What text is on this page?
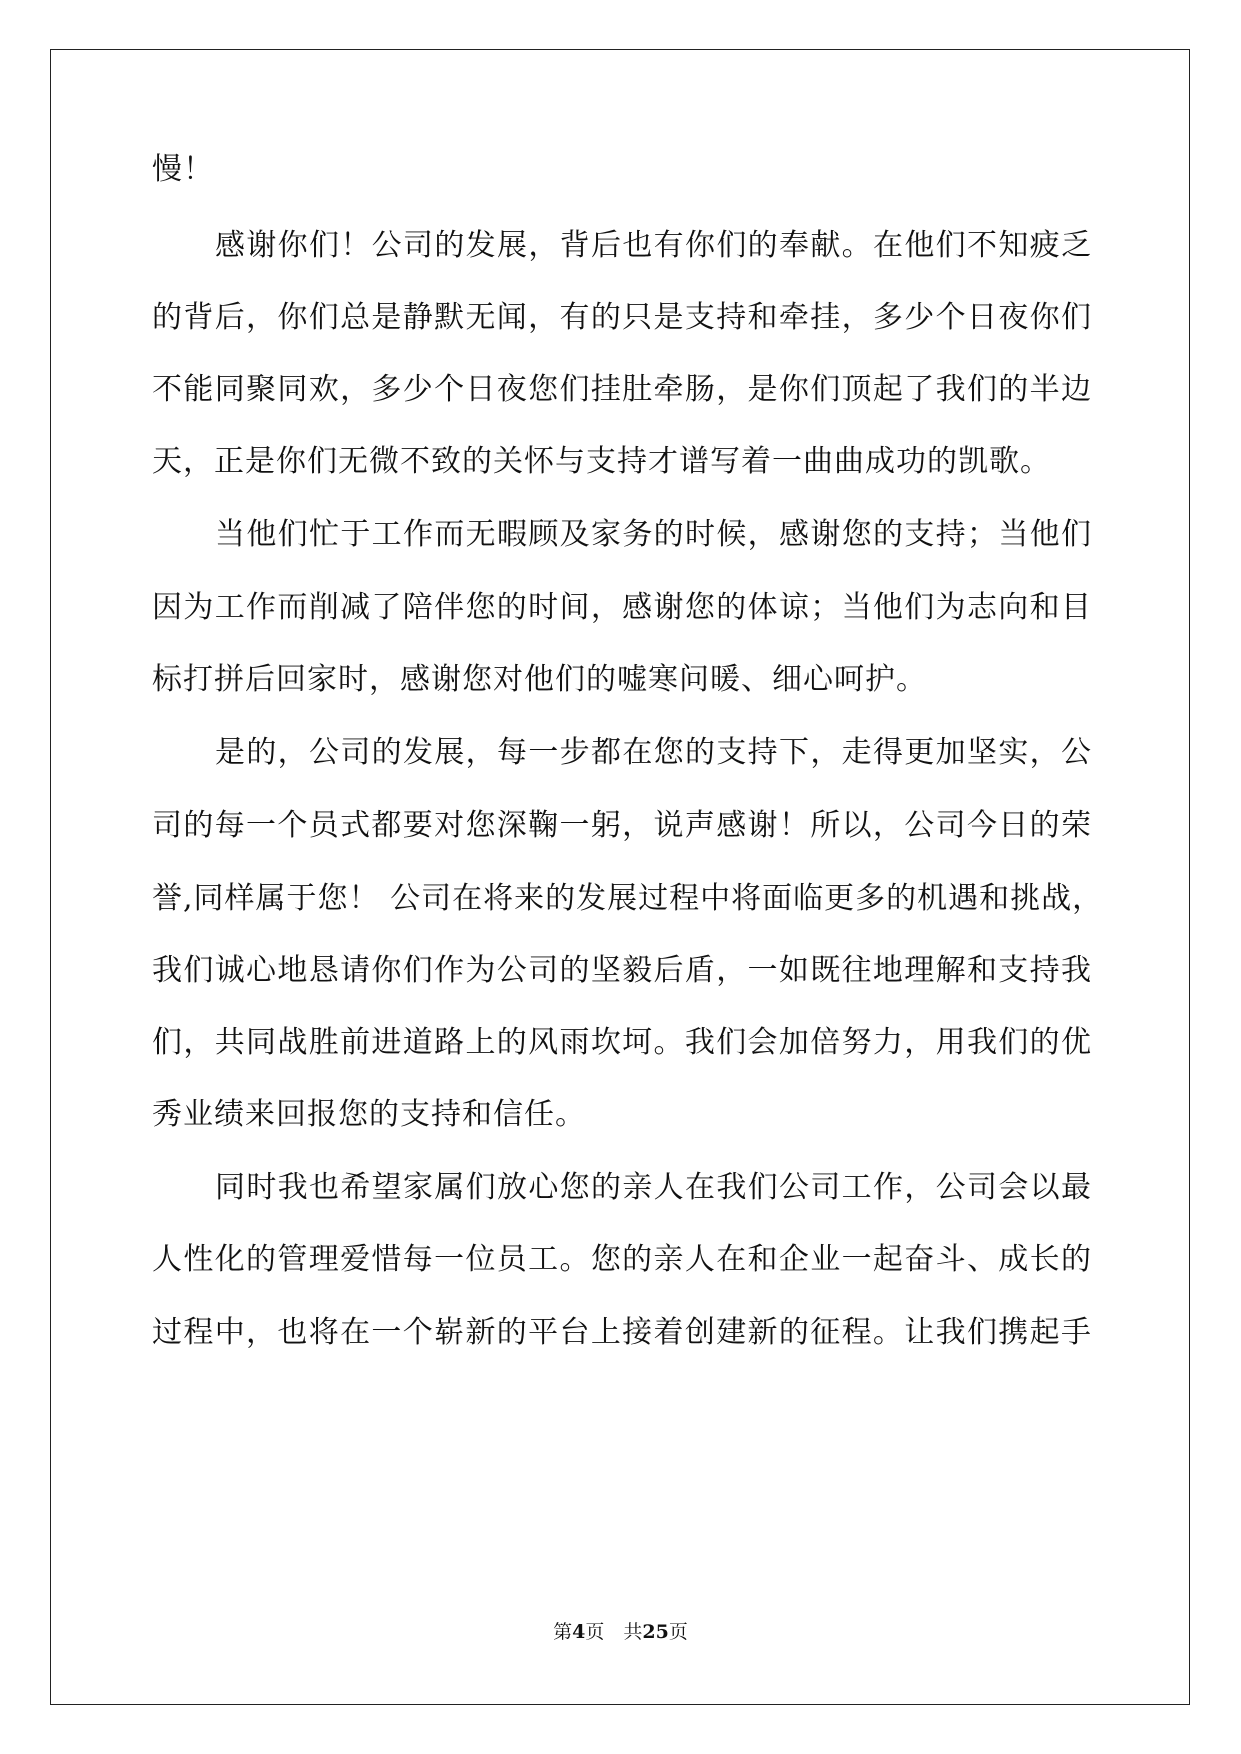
慢！
感谢你们！公司的发展，背后也有你们的奉献。在他们不知疲乏
的背后，你们总是静默无闻，有的只是支持和牵挂，多少个日夜你们
不能同聚同欢，多少个日夜您们挂肚牵肠，是你们顶起了我们的半边
天，正是你们无微不致的关怀与支持才谱写着一曲曲成功的凯歌。
当他们忙于工作而无暇顾及家务的时候，感谢您的支持；当他们
因为工作而削减了陪伴您的时间，感谢您的体谅；当他们为志向和目
标打拼后回家时，感谢您对他们的嘘寒问暖、细心呵护。
是的，公司的发展，每一步都在您的支持下，走得更加坚实，公
司的每一个员式都要对您深鞠一躬，说声感谢！所以，公司今日的荣
誉,同样属于您！ 公司在将来的发展过程中将面临更多的机遇和挑战，
我们诚心地恳请你们作为公司的坚毅后盾，一如既往地理解和支持我
们，共同战胜前进道路上的风雨坎坷。我们会加倍努力，用我们的优
秀业绩来回报您的支持和信任。
同时我也希望家属们放心您的亲人在我们公司工作，公司会以最
人性化的管理爱惜每一位员工。您的亲人在和企业一起奋斗、成长的
过程中，也将在一个崭新的平台上接着创建新的征程。让我们携起手
第4页　共25页
